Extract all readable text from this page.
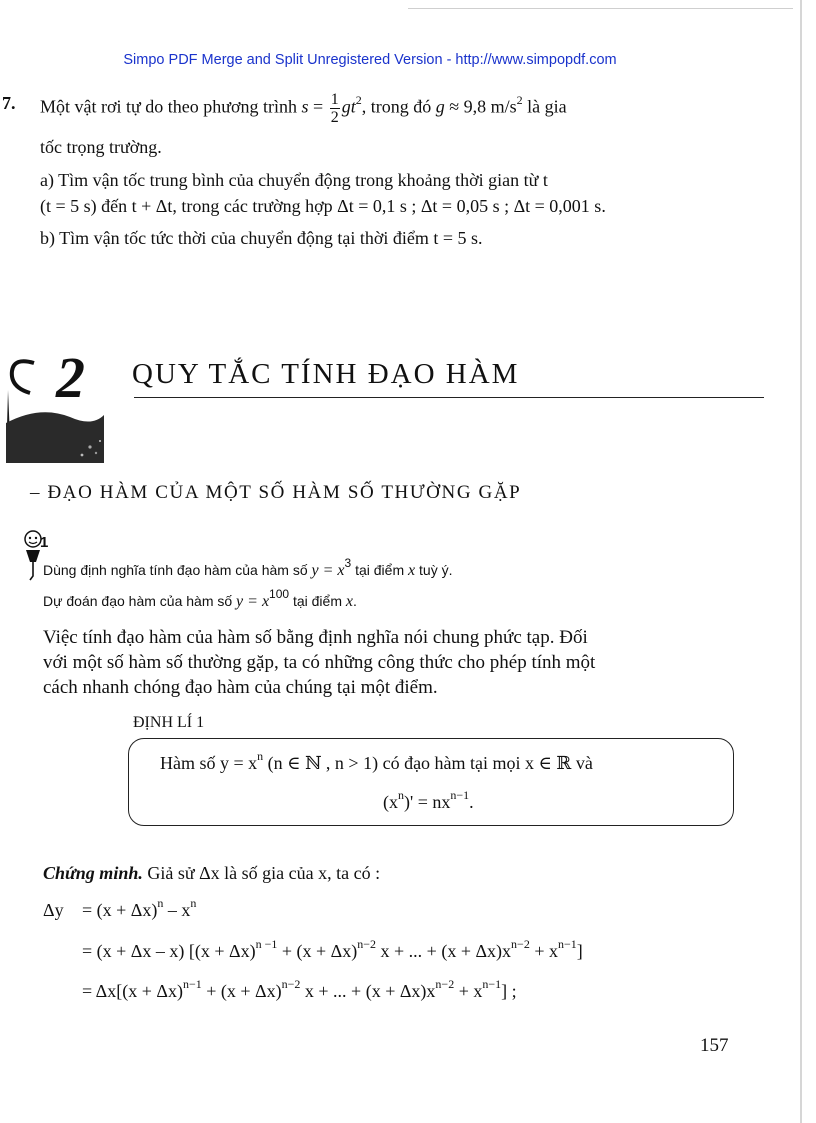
Simpo PDF Merge and Split Unregistered Version - http://www.simpopdf.com
7. Một vật rơi tự do theo phương trình $s = \frac{1}{2} gt^2$, trong đó g ≈ 9,8 $m/s^2$ là gia
tốc trọng trường.
a) Tìm vận tốc trung bình của chuyển động trong khoảng thời gian từ t
(t = 5 s) đến t + Δt, trong các trường hợp Δt = 0,1 s ; Δt = 0,05 s ; Δt = 0,001 s.
b) Tìm vận tốc tức thời của chuyển động tại thời điểm t = 5 s.
2 QUY TẮC TÍNH ĐẠO HÀM
– ĐẠO HÀM CỦA MỘT SỐ HÀM SỐ THƯỜNG GẶP
1
Dùng định nghĩa tính đạo hàm của hàm số $y = x^3$ tại điểm x tuỳ ý.
Dự đoán đạo hàm của hàm số $y = x^{100}$ tại điểm x.
Việc tính đạo hàm của hàm số bằng định nghĩa nói chung phức tạp. Đối
với một số hàm số thường gặp, ta có những công thức cho phép tính một
cách nhanh chóng đạo hàm của chúng tại một điểm.
ĐỊNH LÍ 1
Hàm số $y = x^n$ (n ∈ ℕ , n > 1) có đạo hàm tại mọi x ∈ ℝ và
$(x^n)' = nx^{n-1}$.
Chứng minh. Giả sử Δx là số gia của x, ta có :
$\Delta y = (x + \Delta x)^n - x^n$
= (x + Δx – x) [$(x + \Delta x)^{n -1} + (x + \Delta x)^{n-2}$ x + ... + $(x + \Delta x)x^{n-2} + x^{n-1}$]
= $\Delta x[(x + \Delta x)^{n-1} + (x + \Delta x)^{n-2}$ x + ... + $(x + \Delta x)x^{n-2} + x^{n-1}$] ;
157
